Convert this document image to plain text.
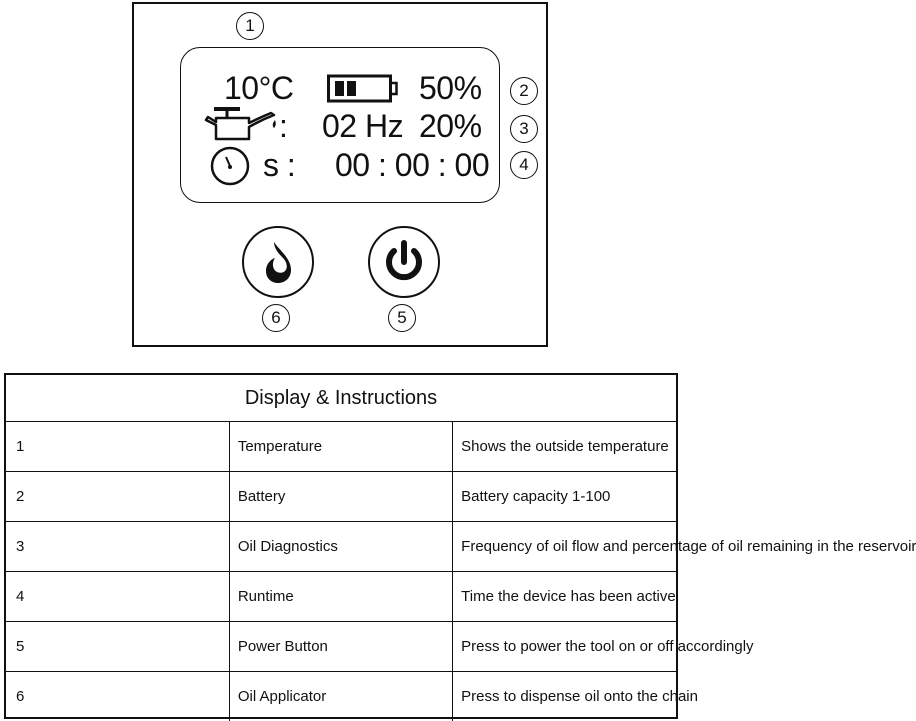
1
2
3
4
10°C	50%
: 02 Hz 20%
s : 00 : 00 : 00
6	5
Display & Instructions		
1	Temperature	Shows the outside temperature
2	Battery	Battery capacity 1-100
3	Oil Diagnostics	Frequency of oil flow and percentage of oil remaining in the reservoir
4	Runtime	Time the device has been active
5	Power Button	Press to power the tool on or off accordingly
6	Oil Applicator	Press to dispense oil onto the chain
